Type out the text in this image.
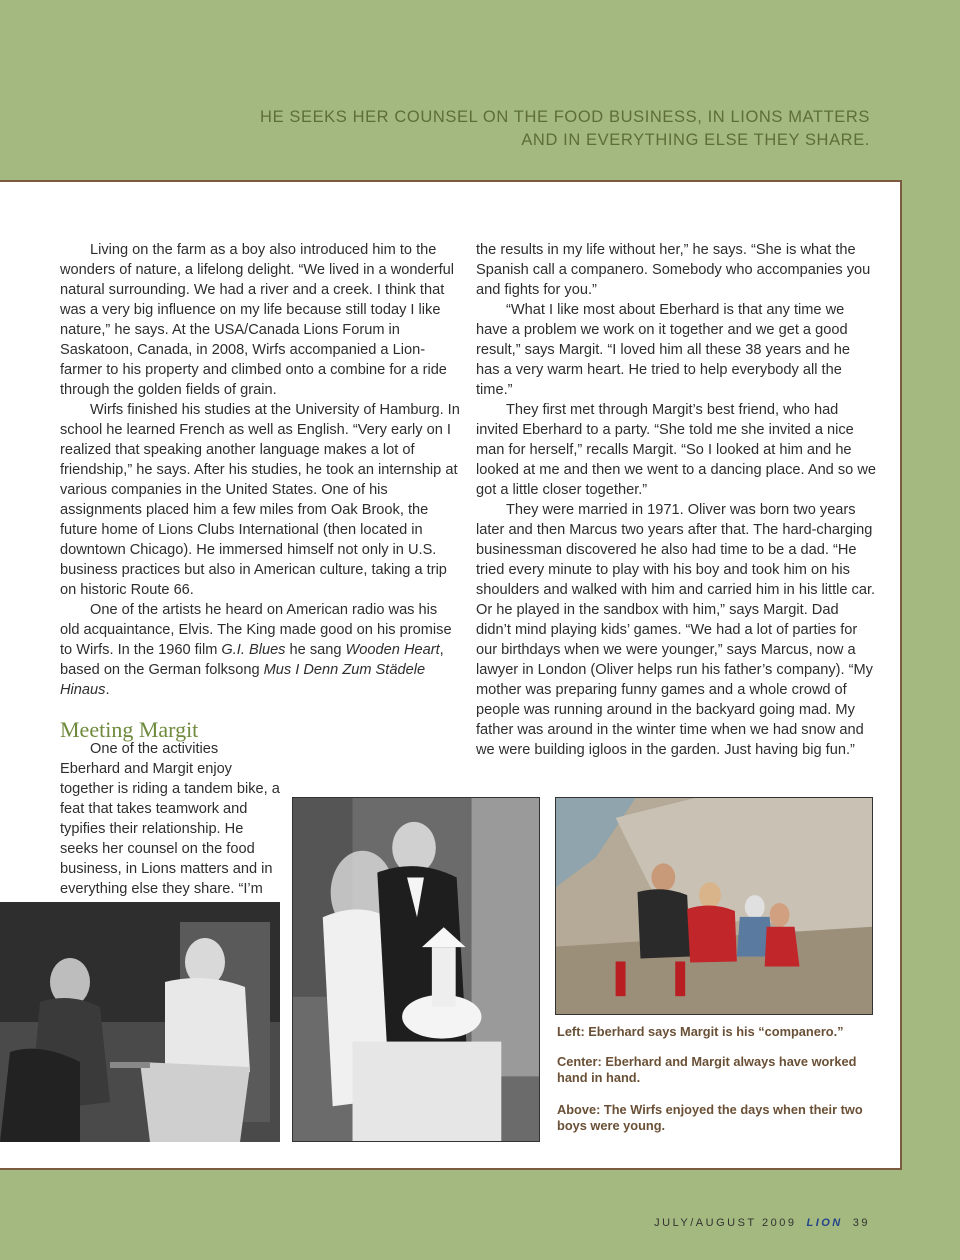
HE SEEKS HER COUNSEL ON THE FOOD BUSINESS, IN LIONS MATTERS
AND IN EVERYTHING ELSE THEY SHARE.

Living on the farm as a boy also introduced him to the wonders of nature, a lifelong delight. “We lived in a wonderful natural surrounding. We had a river and a creek. I think that was a very big influence on my life because still today I like nature,” he says. At the USA/Canada Lions Forum in Saskatoon, Canada, in 2008, Wirfs accompanied a Lion-farmer to his property and climbed onto a combine for a ride through the golden fields of grain.

Wirfs finished his studies at the University of Hamburg. In school he learned French as well as English. “Very early on I realized that speaking another language makes a lot of friendship,” he says. After his studies, he took an internship at various companies in the United States. One of his assignments placed him a few miles from Oak Brook, the future home of Lions Clubs International (then located in downtown Chicago). He immersed himself not only in U.S. business practices but also in American culture, taking a trip on historic Route 66.

One of the artists he heard on American radio was his old acquaintance, Elvis. The King made good on his promise to Wirfs. In the 1960 film G.I. Blues he sang Wooden Heart, based on the German folksong Mus I Denn Zum Städele Hinaus.

Meeting Margit

One of the activities Eberhard and Margit enjoy together is riding a tandem bike, a feat that takes teamwork and typifies their relationship. He seeks her counsel on the food business, in Lions matters and in everything else they share. “I’m

the results in my life without her,” he says. “She is what the Spanish call a companero. Somebody who accompanies you and fights for you.”

“What I like most about Eberhard is that any time we have a problem we work on it together and we get a good result,” says Margit. “I loved him all these 38 years and he has a very warm heart. He tried to help everybody all the time.”

They first met through Margit’s best friend, who had invited Eberhard to a party. “She told me she invited a nice man for herself,” recalls Margit. “So I looked at him and he looked at me and then we went to a dancing place. And so we got a little closer together.”

They were married in 1971. Oliver was born two years later and then Marcus two years after that. The hard-charging businessman discovered he also had time to be a dad. “He tried every minute to play with his boy and took him on his shoulders and walked with him and carried him in his little car. Or he played in the sandbox with him,” says Margit. Dad didn’t mind playing kids’ games. “We had a lot of parties for our birthdays when we were younger,” says Marcus, now a lawyer in London (Oliver helps run his father’s company). “My mother was preparing funny games and a whole crowd of people was running around in the backyard going mad. My father was around in the winter time when we had snow and we were building igloos in the garden. Just having big fun.”

Left: Eberhard says Margit is his “companero.”
Center: Eberhard and Margit always have worked hand in hand.
Above: The Wirfs enjoyed the days when their two boys were young.
JULY/AUGUST 2009 LION 39
